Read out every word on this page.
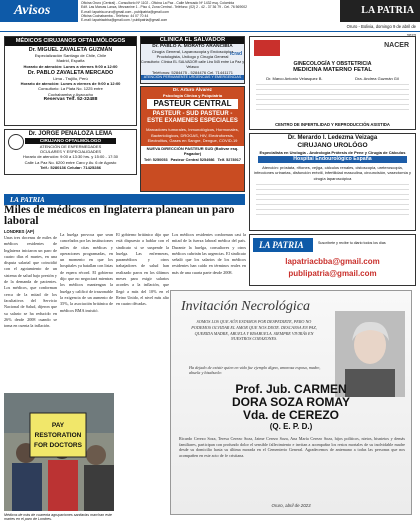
Avisos	Oficina Oruro (Central) - Consultorio Nº 1102 - Oficina La Paz - Calle Mercado Nº 1432 esq. Colombia
Edif. Las Marcas Lanza, Mezzanine 1 - Piso 4, Zona Central - Teléfono: (02) 2 - 42 - 37 36 79 - Cel. 76 569002
E-mail: lapatria.oruro@gmail.com - publipatria@gmail.com
Oficina Cochabamba - Teléfono: 44 07 70 44
E-mail: lapatriacbba@gmail.com / publipatria@gmail.com
LA PATRIA
Oruro - Bolivia, domingo 9 de abril de 2023
MÉDICOS CIRUJANOS OFTALMÓLOGOS
Dr. MIGUEL ZAVALETA GUZMÁN
Especialización Santiago de Chile, Chile
Madrid, España
Horario de atención: Lunes a viernes 9:00 a 12:00
Dr. PABLO ZAVALETA MERCADO
Lima - Trujillo, Perú
Horario de atención: Lunes a viernes de 9:00 a 12:00
Consultorio: La Plata No. 1225 entre
Cochabamba y Ayacucho
Reservas Telf. 52-32488
Dr. JORGE PEÑALOZA LEMA
CIRUJANO OFTALMÓLOGO
ATENCIÓN DE ENFERMEDADES
OCULARES Y ESPECIALIDADES
Horario de atención: 9:00 a 13:30 hrs. y 15:00 - 17:30
Calle La Paz No. 6200 entre Caro y Av. 6 de Agosto
Telf.: 5280136 Celular: 71425286
CLÍNICA EL SALVADOR
Dr. PABLO A. MORATO ARANCIBIA
Cirugía General, Laparoscopia y Endoscópica
Proctologista, Urólogo y Cirugía General
Consultorio: Clínica EL SALVADOR calle Lira 545 entre La Paz y Velasco
Teléfonos: 5284475 - 5284476 Cel. 71441171
ATENCIÓN PERMANENTE URGENCIAS Y EMERGENCIAS
icrad
Dr. Arturo Álvarez
Psicología Clínica y Psiquiatría
PASTEUR CENTRAL
PASTEUR - SUD PASTEUR - ESTE EXAMENES ESPECIALES
Marcadores tumorales, Inmunológicos, Hormonales, Bacteriológicos, DROGAS, HIV, Electroforesis, Electrolitos, Gases en Sangre, Dengue, COVID-19
NUEVA DIRECCIÓN PASTEUR SUD (Bolívar esq. Pagador)
Telf: 5250053 Pasteur Central 5254986 Telf. 5278917
NACER
GINECOLOGÍA Y OBSTETRICIA
MEDICINA MATERNO FETAL
Dr. Marco Antonio Velasquez B.	Dra. Andrea Guzmán Gil
CENTRO DE INFERTILIDAD Y REPRODUCCIÓN ASISTIDA
Dr. Merardo I. Ledezma Veizaga
CIRUJANO UROLÓGO
Especialista en Urología - Andrología Prótesis de Pene y Cirugía de Cálculos
Hospital Endourológico España
Atención: próstata, riñones, vejiga, cálculos renales, cistoscopia, ureteroscopia, infecciones urinarias, disfunción eréctil, infertilidad masculina, circuncisión, vasectomía y cirugía laparoscópica
LA PATRIA	Suscríbete y recibe tu diario todos los días
lapatriacbba@gmail.com
publipatria@gmail.com
LA PATRIA
Miles de médicos en Inglaterra planean un paro laboral
LONDRES (AP)
Unas tres docenas de miles de médicos residentes de Inglaterra iniciaron un paro de cuatro días el martes, en una disputa salarial que coincidió con el agotamiento de un sistema de salud bajo presión y de la demanda de pacientes. Los médicos, que conforman cerca de la mitad de los facultativos del Servicio Nacional de Salud, dijeron que su salario se ha reducido en 26% desde 2008 cuando se toma en cuenta la inflación.
La huelga provoca que sean cancelados por las instituciones miles de citas médicas y operaciones programadas, en un momento en que los hospitales ya batallan con listas de espera récord. El gobierno dijo que no negociará mientras los médicos mantengan la huelga y calificó de irrazonable la exigencia de un aumento de 35%, la asociación británica de médicos BMA insistió.
El gobierno británico dijo que está dispuesto a hablar con el sindicato si se suspende la huelga. Las enfermeras, paramédicos y otros trabajadores de salud han realizado paros en los últimos meses para exigir salarios acordes a la inflación, que llegó a más del 10% en el Reino Unido, el nivel más alto en cuatro décadas.
Los médicos residentes conforman casi la mitad de la fuerza laboral médica del país. Durante la huelga, consultores y otros médicos cubrirán las urgencias. El sindicato señaló que los salarios de los médicos residentes han caído en términos reales en más de una cuarta parte desde 2008.
PAY
RESTORATION
FOR DOCTORS
Médicos de más de cuarenta agrupaciones sanitarias marchan este martes en el paro de Londres.
Invitación Necrológica
SOMOS LOS QUE AÚN ESTAMOS POR DESPEDIRTE, PERO NO PODEMOS OLVIDAR EL AMOR QUE NOS DISTE. DESCANSA EN PAZ, QUERIDA MADRE, ABUELA Y BISABUELA. SIEMPRE VIVIRÁS EN NUESTROS CORAZONES.
Ha dejado de existir quien en vida fue ejemplo digno, amorosa esposa, madre, abuela y bisabuela:
Prof. Jub. CARMEN
DORA SOZA ROMAY
Vda. de CEREZO
(Q. E. P. D.)
Ricardo Cerezo Soza, Teresa Cerezo Soza, Jaime Cerezo Soza, Ana María Cerezo Soza, hijos políticos, nietos, bisnietos y demás familiares, participan con profundo dolor el sensible fallecimiento e invitan a acompañar los restos mortales de su inolvidable madre desde su domicilio hasta su última morada en el Cementerio General. Agradecemos de antemano a todas las personas que nos acompañen en este acto de fe cristiana.
Oruro, abril de 2023
